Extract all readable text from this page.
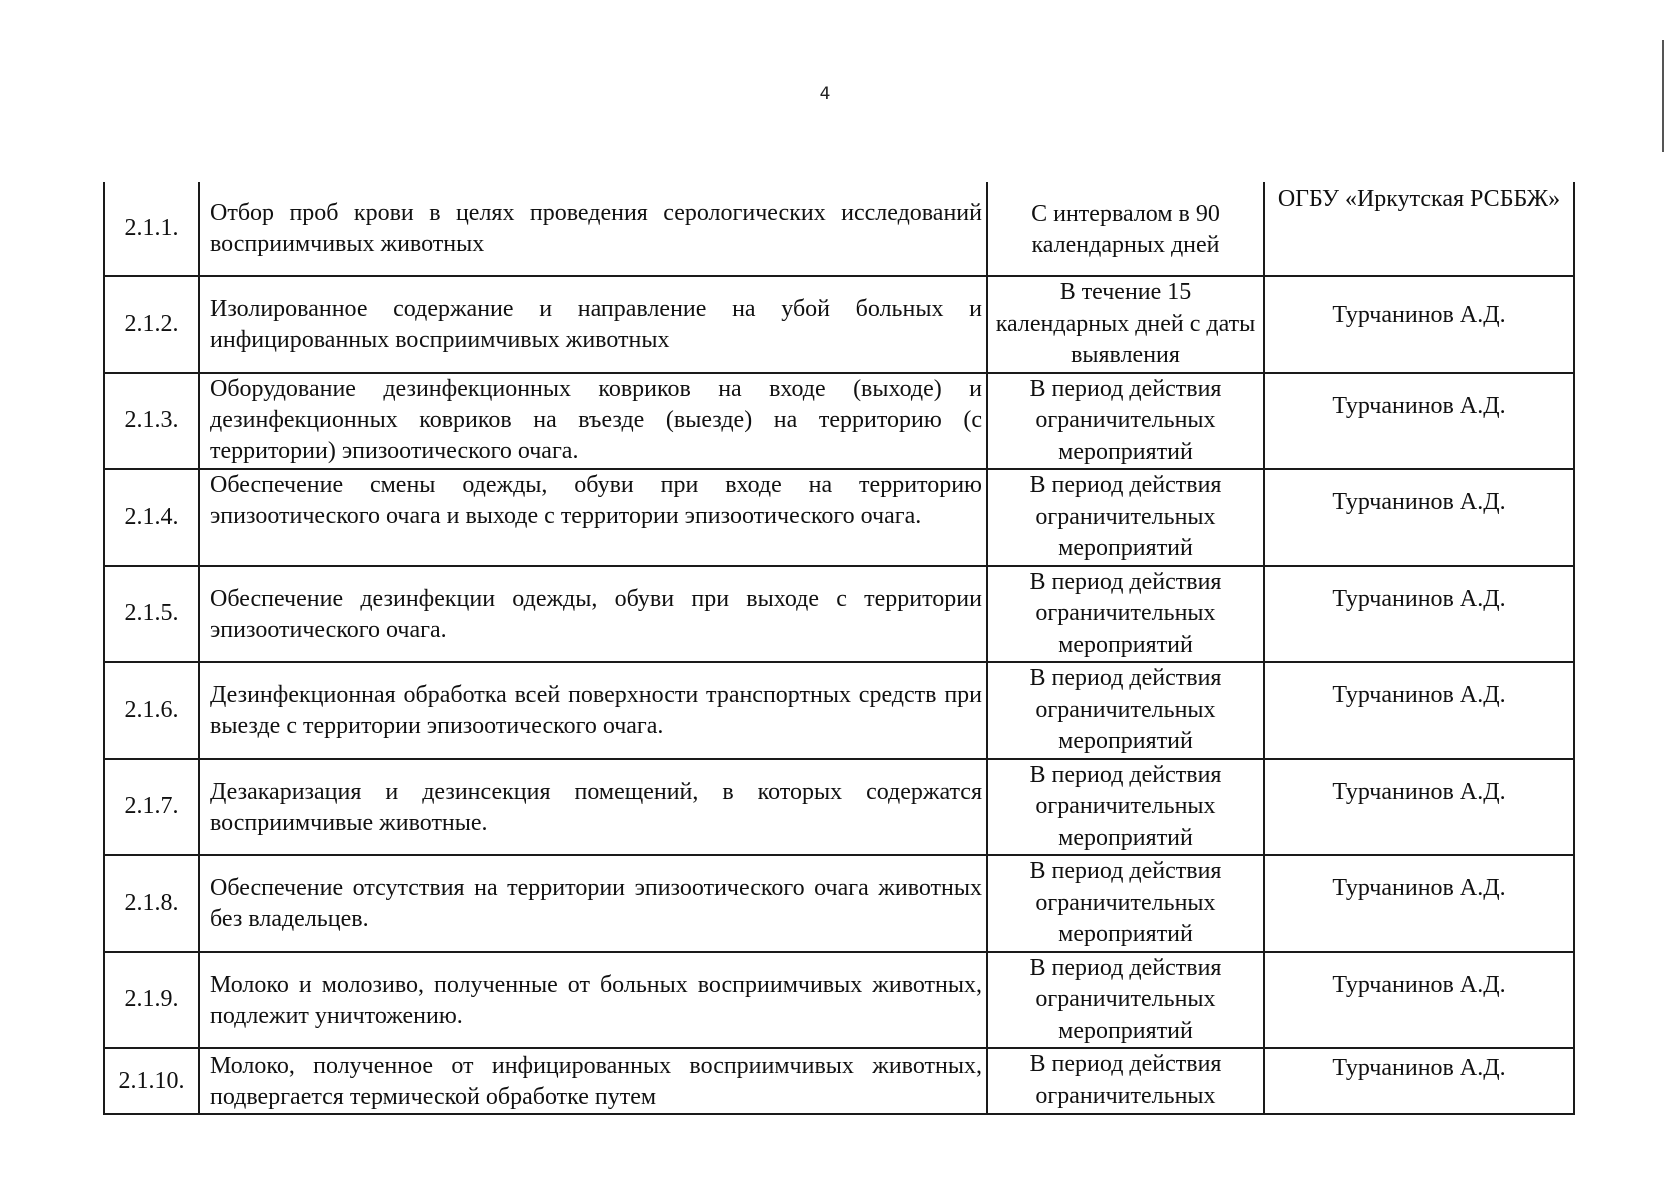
4
2.1.1.	Отбор проб крови в целях проведения серологических исследований восприимчивых животных	С интервалом в 90 календарных дней	ОГБУ «Иркутская РСББЖ»
2.1.2.	Изолированное содержание и направление на убой больных и инфицированных восприимчивых животных	В течение 15 календарных дней с даты выявления	Турчанинов А.Д.
2.1.3.	Оборудование дезинфекционных ковриков на входе (выходе) и дезинфекционных ковриков на въезде (выезде) на территорию (с территории) эпизоотического очага.	В период действия ограничительных мероприятий	Турчанинов А.Д.
2.1.4.	Обеспечение смены одежды, обуви при входе на территорию эпизоотического очага и выходе с территории эпизоотического очага.	В период действия ограничительных мероприятий	Турчанинов А.Д.
2.1.5.	Обеспечение дезинфекции одежды, обуви при выходе с территории эпизоотического очага.	В период действия ограничительных мероприятий	Турчанинов А.Д.
2.1.6.	Дезинфекционная обработка всей поверхности транспортных средств при выезде с территории эпизоотического очага.	В период действия ограничительных мероприятий	Турчанинов А.Д.
2.1.7.	Дезакаризация и дезинсекция помещений, в которых содержатся восприимчивые животные.	В период действия ограничительных мероприятий	Турчанинов А.Д.
2.1.8.	Обеспечение отсутствия на территории эпизоотического очага животных без владельцев.	В период действия ограничительных мероприятий	Турчанинов А.Д.
2.1.9.	Молоко и молозиво, полученные от больных восприимчивых животных, подлежит уничтожению.	В период действия ограничительных мероприятий	Турчанинов А.Д.
2.1.10.	Молоко, полученное от инфицированных восприимчивых животных, подвергается термической обработке путем	В период действия ограничительных	Турчанинов А.Д.
